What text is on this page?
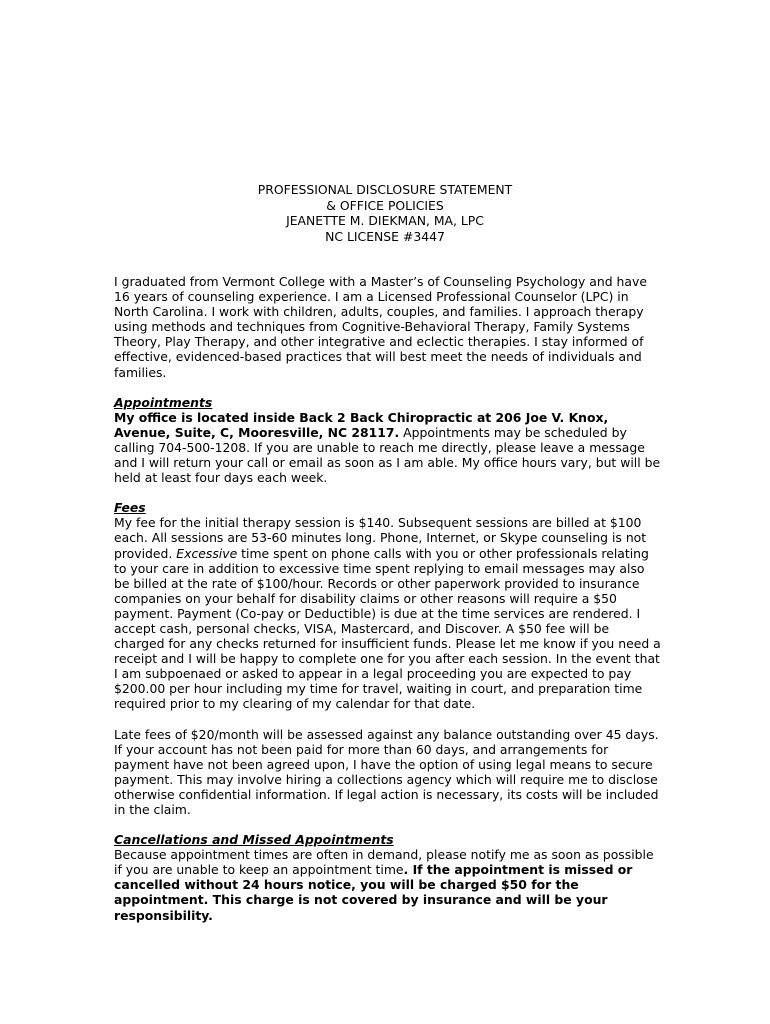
PROFESSIONAL DISCLOSURE STATEMENT
& OFFICE POLICIES
JEANETTE M. DIEKMAN, MA, LPC
NC LICENSE #3447

I graduated from Vermont College with a Master’s of Counseling Psychology and have 16 years of counseling experience. I am a Licensed Professional Counselor (LPC) in North Carolina. I work with children, adults, couples, and families. I approach therapy using methods and techniques from Cognitive-Behavioral Therapy, Family Systems Theory, Play Therapy, and other integrative and eclectic therapies. I stay informed of effective, evidenced-based practices that will best meet the needs of individuals and families.

Appointments
My office is located inside Back 2 Back Chiropractic at 206 Joe V. Knox, Avenue, Suite, C, Mooresville, NC 28117. Appointments may be scheduled by calling 704-500-1208. If you are unable to reach me directly, please leave a message and I will return your call or email as soon as I am able. My office hours vary, but will be held at least four days each week.

Fees
My fee for the initial therapy session is $140. Subsequent sessions are billed at $100 each. All sessions are 53-60 minutes long. Phone, Internet, or Skype counseling is not provided. Excessive time spent on phone calls with you or other professionals relating to your care in addition to excessive time spent replying to email messages may also be billed at the rate of $100/hour. Records or other paperwork provided to insurance companies on your behalf for disability claims or other reasons will require a $50 payment. Payment (Co-pay or Deductible) is due at the time services are rendered. I accept cash, personal checks, VISA, Mastercard, and Discover. A $50 fee will be charged for any checks returned for insufficient funds. Please let me know if you need a receipt and I will be happy to complete one for you after each session. In the event that I am subpoenaed or asked to appear in a legal proceeding you are expected to pay $200.00 per hour including my time for travel, waiting in court, and preparation time required prior to my clearing of my calendar for that date.

Late fees of $20/month will be assessed against any balance outstanding over 45 days. If your account has not been paid for more than 60 days, and arrangements for payment have not been agreed upon, I have the option of using legal means to secure payment. This may involve hiring a collections agency which will require me to disclose otherwise confidential information. If legal action is necessary, its costs will be included in the claim.

Cancellations and Missed Appointments
Because appointment times are often in demand, please notify me as soon as possible if you are unable to keep an appointment time. If the appointment is missed or cancelled without 24 hours notice, you will be charged $50 for the appointment. This charge is not covered by insurance and will be your responsibility.
